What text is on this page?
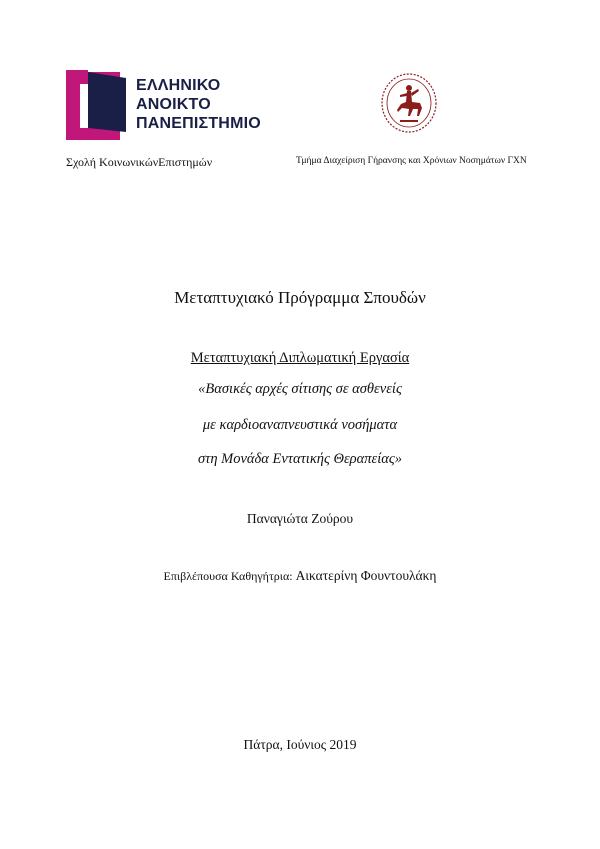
ΕΛΛΗΝΙΚΟ
ΑΝΟΙΚΤΟ
ΠΑΝΕΠΙΣΤΗΜΙΟ
Σχολή ΚοινωνικώνΕπιστημών	Τμήμα Διαχείριση Γήρανσης και Χρόνιων Νοσημάτων ΓΧΝ
Μεταπτυχιακό Πρόγραμμα Σπουδών
Μεταπτυχιακή Διπλωματική Εργασία
«Βασικές αρχές σίτισης σε ασθενείς
με καρδιοαναπνευστικά νοσήματα
στη Μονάδα Εντατικής Θεραπείας»
Παναγιώτα Ζούρου
Επιβλέπουσα Καθηγήτρια: Αικατερίνη Φουντουλάκη
Πάτρα, Ιούνιος 2019
